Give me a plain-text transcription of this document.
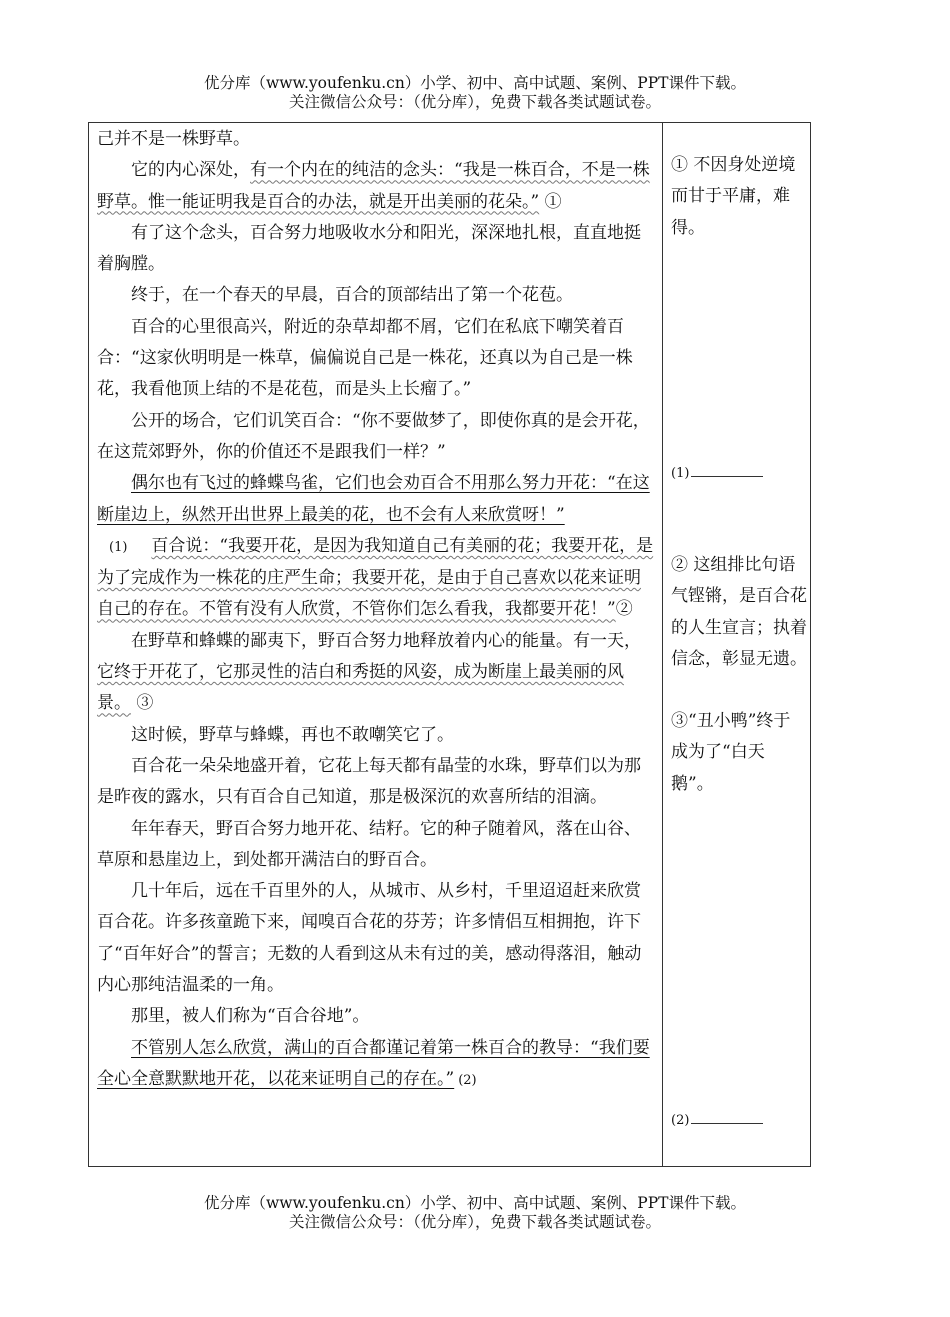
优分库（www.youfenku.cn）小学、初中、高中试题、案例、PPT课件下载。
关注微信公众号：（优分库），免费下载各类试题试卷。

己并不是一株野草。

它的内心深处，有一个内在的纯洁的念头：“我是一株百合，不是一株野草。惟一能证明我是百合的办法，就是开出美丽的花朵。” ①

有了这个念头，百合努力地吸收水分和阳光，深深地扎根，直直地挺着胸膛。

终于，在一个春天的早晨，百合的顶部结出了第一个花苞。

百合的心里很高兴，附近的杂草却都不屑，它们在私底下嘲笑着百合：“这家伙明明是一株草，偏偏说自己是一株花，还真以为自己是一株花，我看他顶上结的不是花苞，而是头上长瘤了。”

公开的场合，它们讥笑百合：“你不要做梦了，即使你真的是会开花，在这荒郊野外，你的价值还不是跟我们一样？”

偶尔也有飞过的蜂蝶鸟雀，它们也会劝百合不用那么努力开花：“在这断崖边上，纵然开出世界上最美的花，也不会有人来欣赏呀！”

(1) 百合说：“我要开花，是因为我知道自己有美丽的花；我要开花，是为了完成作为一株花的庄严生命；我要开花，是由于自己喜欢以花来证明自己的存在。不管有没有人欣赏，不管你们怎么看我，我都要开花！”②

在野草和蜂蝶的鄙夷下，野百合努力地释放着内心的能量。有一天，它终于开花了，它那灵性的洁白和秀挺的风姿，成为断崖上最美丽的风景。 ③

这时候，野草与蜂蝶，再也不敢嘲笑它了。

百合花一朵朵地盛开着，它花上每天都有晶莹的水珠，野草们以为那是昨夜的露水，只有百合自己知道，那是极深沉的欢喜所结的泪滴。

年年春天，野百合努力地开花、结籽。它的种子随着风，落在山谷、草原和悬崖边上，到处都开满洁白的野百合。

几十年后，远在千百里外的人，从城市、从乡村，千里迢迢赶来欣赏百合花。许多孩童跪下来，闻嗅百合花的芬芳；许多情侣互相拥抱，许下了“百年好合”的誓言；无数的人看到这从未有过的美，感动得落泪，触动内心那纯洁温柔的一角。

那里，被人们称为“百合谷地”。

不管别人怎么欣赏，满山的百合都谨记着第一株百合的教导：“我们要全心全意默默地开花，以花来证明自己的存在。” (2)

① 不因身处逆境而甘于平庸，难得。
(1)
② 这组排比句语气铿锵，是百合花的人生宣言；执着信念，彰显无遗。
③“丑小鸭”终于成为了“白天鹅”。
(2)
优分库（www.youfenku.cn）小学、初中、高中试题、案例、PPT课件下载。
关注微信公众号：（优分库），免费下载各类试题试卷。
